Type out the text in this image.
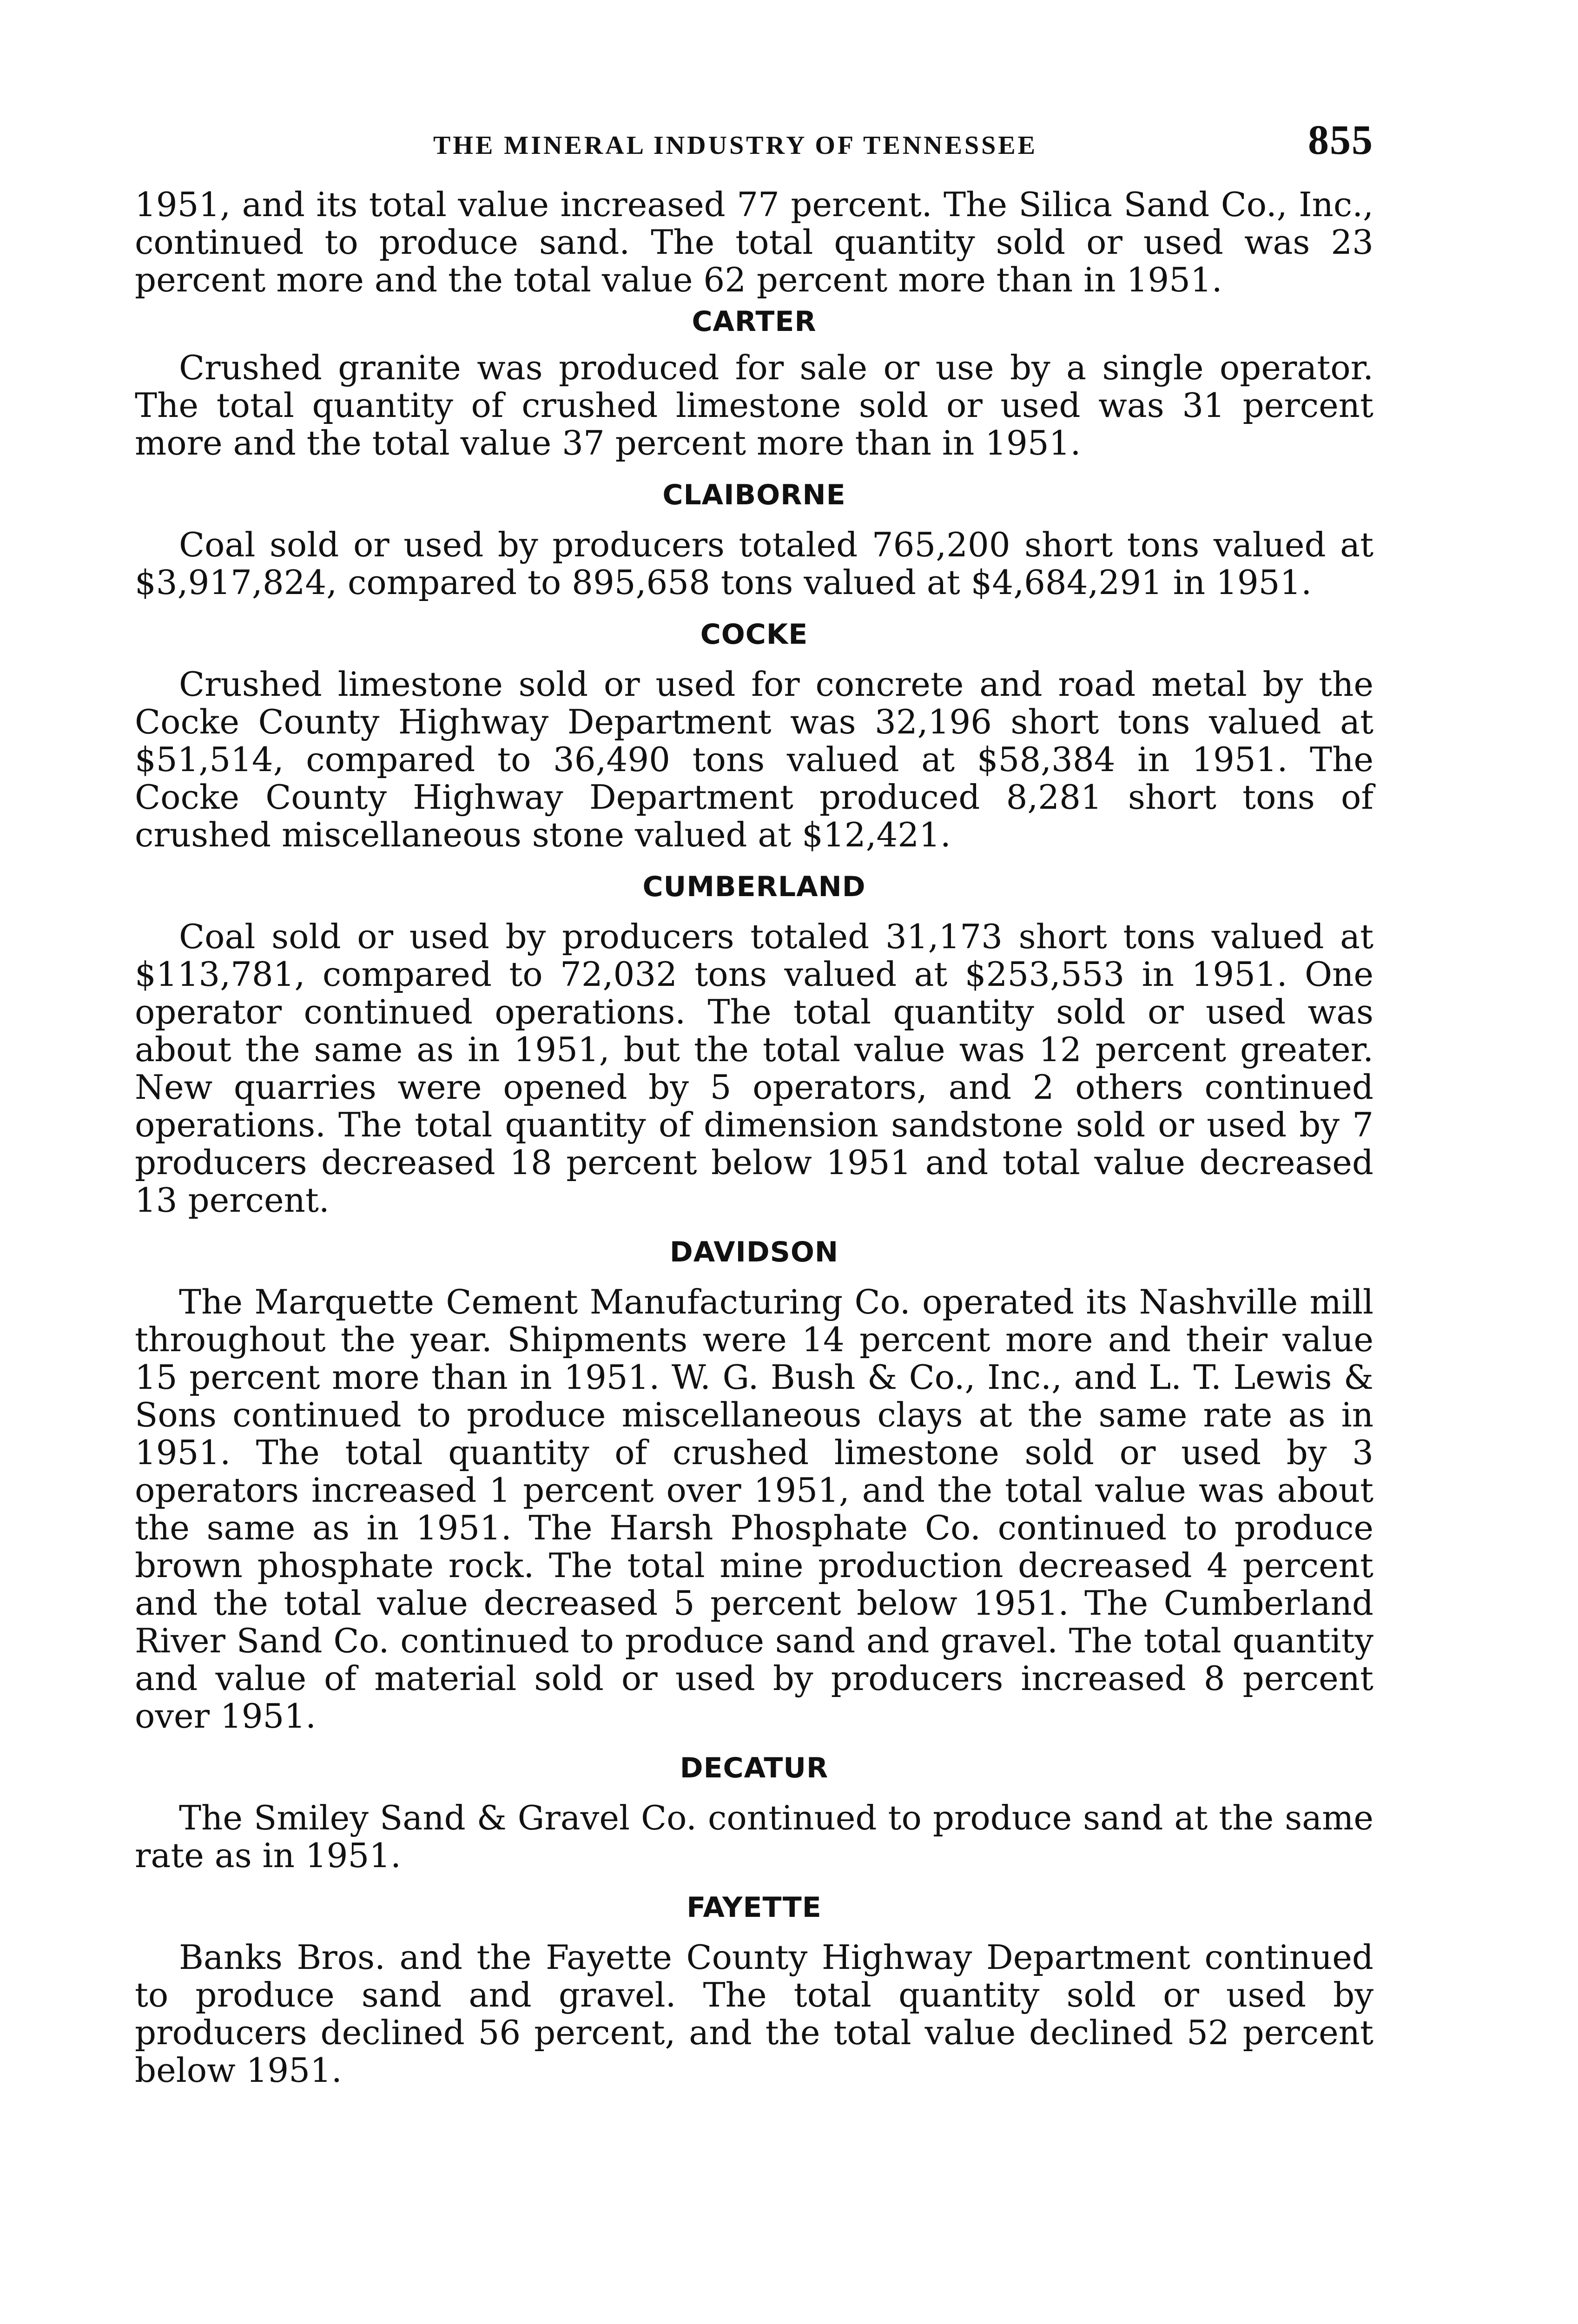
THE MINERAL INDUSTRY OF TENNESSEE	855

1951, and its total value increased 77 percent. The Silica Sand Co., Inc., continued to produce sand. The total quantity sold or used was 23 percent more and the total value 62 percent more than in 1951.

CARTER

Crushed granite was produced for sale or use by a single operator. The total quantity of crushed limestone sold or used was 31 percent more and the total value 37 percent more than in 1951.

CLAIBORNE

Coal sold or used by producers totaled 765,200 short tons valued at $3,917,824, compared to 895,658 tons valued at $4,684,291 in 1951.

COCKE

Crushed limestone sold or used for concrete and road metal by the Cocke County Highway Department was 32,196 short tons valued at $51,514, compared to 36,490 tons valued at $58,384 in 1951. The Cocke County Highway Department produced 8,281 short tons of crushed miscellaneous stone valued at $12,421.

CUMBERLAND

Coal sold or used by producers totaled 31,173 short tons valued at $113,781, compared to 72,032 tons valued at $253,553 in 1951. One operator continued operations. The total quantity sold or used was about the same as in 1951, but the total value was 12 percent greater. New quarries were opened by 5 operators, and 2 others continued operations. The total quantity of dimension sandstone sold or used by 7 producers decreased 18 percent below 1951 and total value decreased 13 percent.

DAVIDSON

The Marquette Cement Manufacturing Co. operated its Nashville mill throughout the year. Shipments were 14 percent more and their value 15 percent more than in 1951. W. G. Bush & Co., Inc., and L. T. Lewis & Sons continued to produce miscellaneous clays at the same rate as in 1951. The total quantity of crushed limestone sold or used by 3 operators increased 1 percent over 1951, and the total value was about the same as in 1951. The Harsh Phosphate Co. continued to produce brown phosphate rock. The total mine production decreased 4 percent and the total value decreased 5 percent below 1951. The Cumberland River Sand Co. continued to produce sand and gravel. The total quantity and value of material sold or used by producers increased 8 percent over 1951.

DECATUR

The Smiley Sand & Gravel Co. continued to produce sand at the same rate as in 1951.

FAYETTE

Banks Bros. and the Fayette County Highway Department continued to produce sand and gravel. The total quantity sold or used by producers declined 56 percent, and the total value declined 52 percent below 1951.
